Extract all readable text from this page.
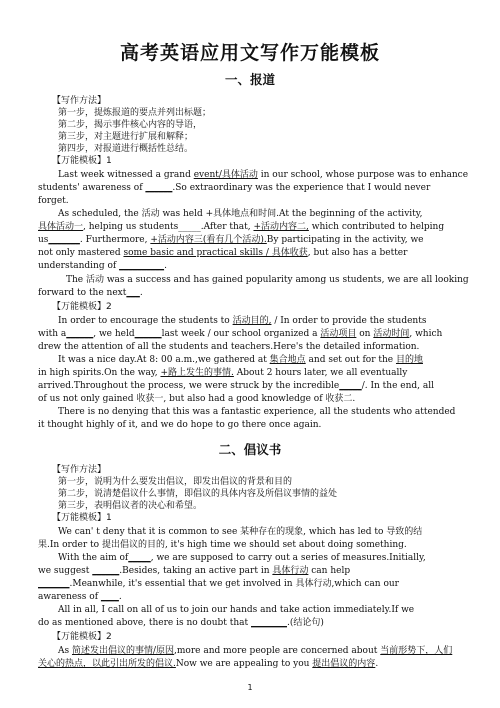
高考英语应用文写作万能模板
一、报道
【写作方法】
第一步，提炼报道的要点并列出标题；
第二步，揭示事件核心内容的导语，
第三步，对主题进行扩展和解释；
第四步，对报道进行概括性总结。
【万能模板】1
Last week witnessed a grand event/具体活动 in our school, whose purpose was to enhance
students' awareness of ______.So extraordinary was the experience that I would never
forget.
As scheduled, the 活动 was held +具体地点和时间.At the beginning of the activity,
具体活动一, helping us students_____.After that, +活动内容二, which contributed to helping
us_______. Furthermore, +活动内容三(看有几个活动).By participating in the activity, we
not only mastered some basic and practical skills / 具体收获, but also has a better
understanding of __________.
The 活动 was a success and has gained popularity among us students, we are all looking
forward to the next___.
【万能模板】2
In order to encourage the students to 活动目的, / In order to provide the students
with a______, we held______last week / our school organized a 活动项目 on 活动时间, which
drew the attention of all the students and teachers.Here's the detailed information.
It was a nice day.At 8: 00 a.m.,we gathered at 集合地点 and set out for the 目的地
in high spirits.On the way, +路上发生的事情. About 2 hours later, we all eventually
arrived.Throughout the process, we were struck by the incredible_____/. In the end, all
of us not only gained 收获一, but also had a good knowledge of 收获二.
There is no denying that this was a fantastic experience, all the students who attended
it thought highly of it, and we do hope to go there once again.
二、倡议书
【写作方法】
第一步，说明为什么要发出倡议，即发出倡议的背景和目的
第二步，说清楚倡议什么事情，即倡议的具体内容及所倡议事情的益处
第三步，表明倡议者的决心和希望。
【万能模板】1
We can' t deny that it is common to see 某种存在的现象, which has led to 导致的结
果.In order to 提出倡议的目的, it's high time we should set about doing something.
With the aim of_____, we are supposed to carry out a series of measures.Initially,
we suggest ______.Besides, taking an active part in 具体行动 can help
_______.Meanwhile, it's essential that we get involved in 具体行动,which can our
awareness of ____.
All in all, I call on all of us to join our hands and take action immediately.If we
do as mentioned above, there is no doubt that ________.(结论句)
【万能模板】2
As 简述发出倡议的事情/原因,more and more people are concerned about 当前形势下，人们
关心的热点，以此引出所发的倡议.Now we are appealing to you 提出倡议的内容.
1
